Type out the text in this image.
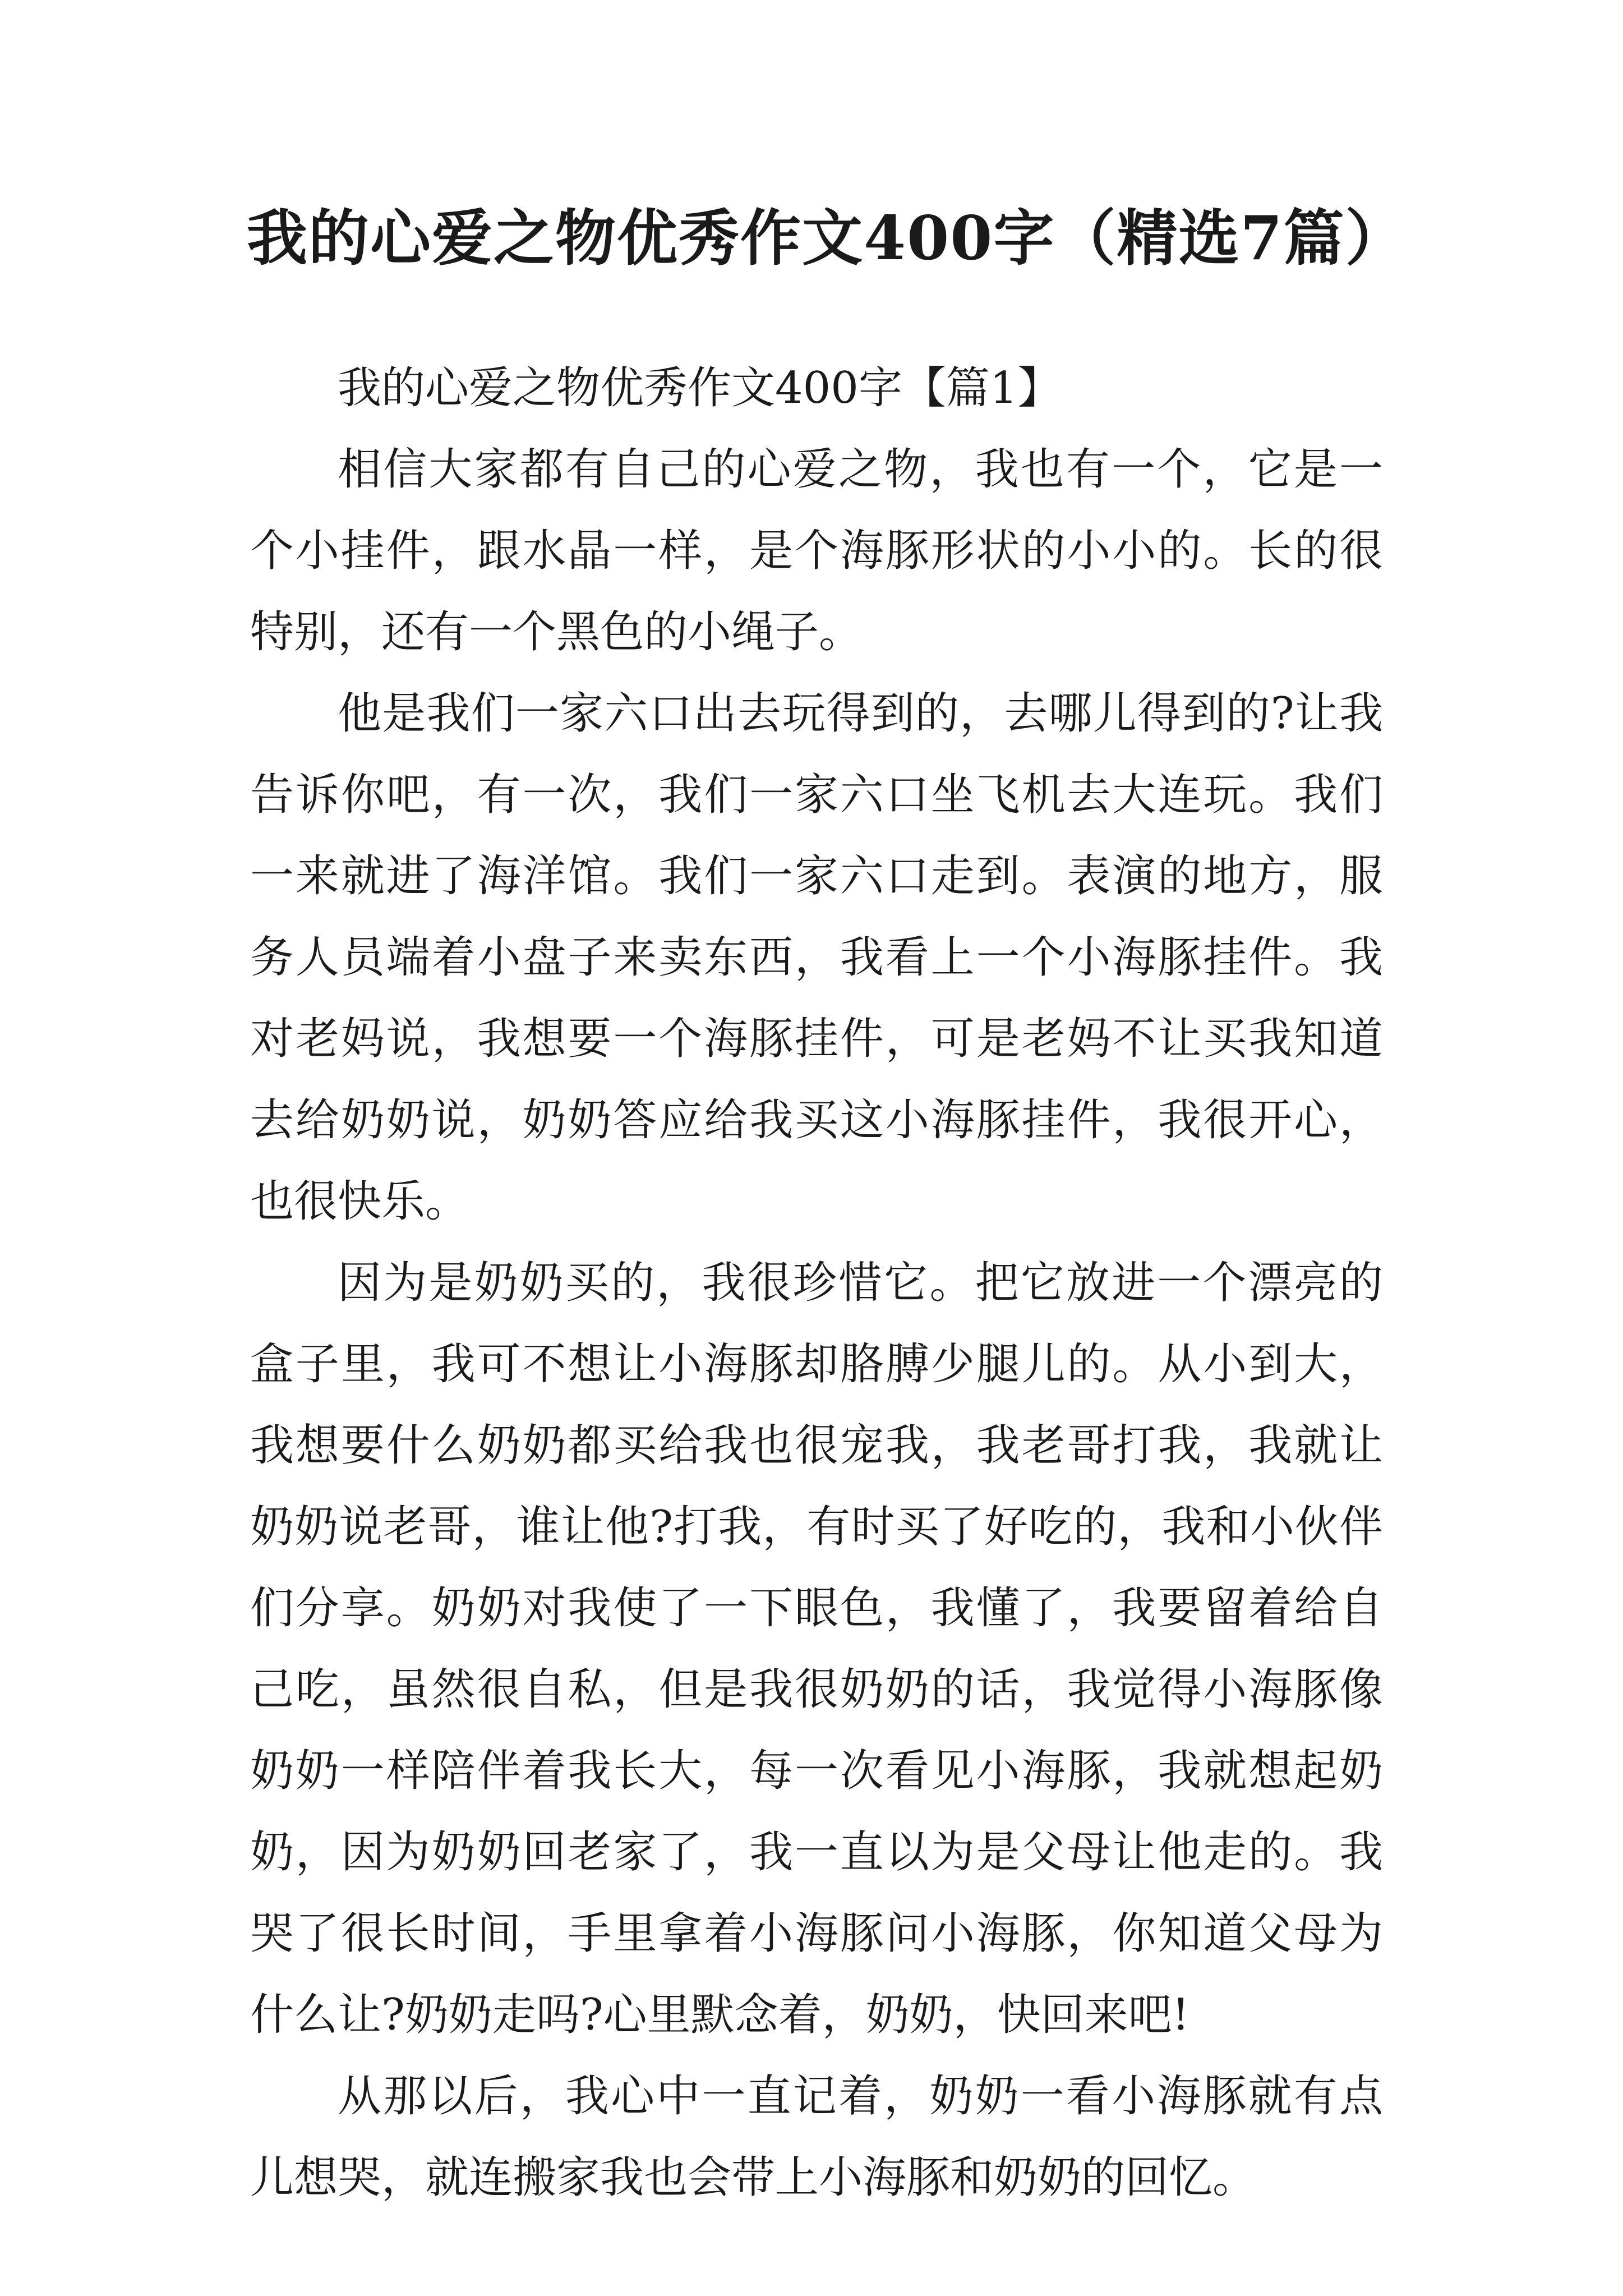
我的心爱之物优秀作文400字（精选7篇）

我的心爱之物优秀作文400字【篇1】

相信大家都有自己的心爱之物，我也有一个，它是一个小挂件，跟水晶一样，是个海豚形状的小小的。长的很特别，还有一个黑色的小绳子。

他是我们一家六口出去玩得到的，去哪儿得到的?让我告诉你吧，有一次，我们一家六口坐飞机去大连玩。我们一来就进了海洋馆。我们一家六口走到。表演的地方，服务人员端着小盘子来卖东西，我看上一个小海豚挂件。我对老妈说，我想要一个海豚挂件，可是老妈不让买我知道去给奶奶说，奶奶答应给我买这小海豚挂件，我很开心，也很快乐。

因为是奶奶买的，我很珍惜它。把它放进一个漂亮的盒子里，我可不想让小海豚却胳膊少腿儿的。从小到大，我想要什么奶奶都买给我也很宠我，我老哥打我，我就让奶奶说老哥，谁让他?打我，有时买了好吃的，我和小伙伴们分享。奶奶对我使了一下眼色，我懂了，我要留着给自己吃，虽然很自私，但是我很奶奶的话，我觉得小海豚像奶奶一样陪伴着我长大，每一次看见小海豚，我就想起奶奶，因为奶奶回老家了，我一直以为是父母让他走的。我哭了很长时间，手里拿着小海豚问小海豚，你知道父母为什么让?奶奶走吗?心里默念着，奶奶，快回来吧!

从那以后，我心中一直记着，奶奶一看小海豚就有点儿想哭，就连搬家我也会带上小海豚和奶奶的回忆。
